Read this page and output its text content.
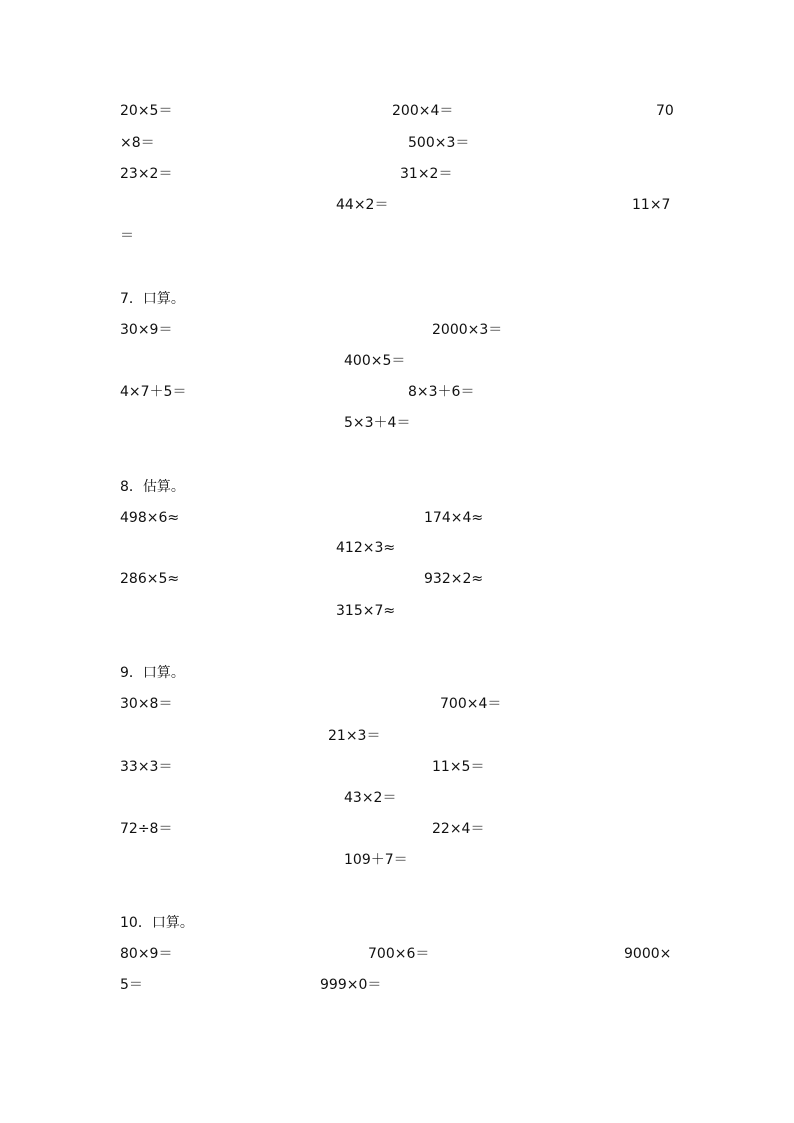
20×5＝	200×4＝	70
×8＝	500×3＝
23×2＝	31×2＝
44×2＝	11×7
＝
7．口算。
30×9＝	2000×3＝
400×5＝
4×7＋5＝	8×3＋6＝
5×3＋4＝
8．估算。
498×6≈	174×4≈
412×3≈
286×5≈	932×2≈
315×7≈
9．口算。
30×8＝	700×4＝
21×3＝
33×3＝	11×5＝
43×2＝
72÷8＝	22×4＝
109＋7＝
10．口算。
80×9＝	700×6＝	9000×
5＝	999×0＝
